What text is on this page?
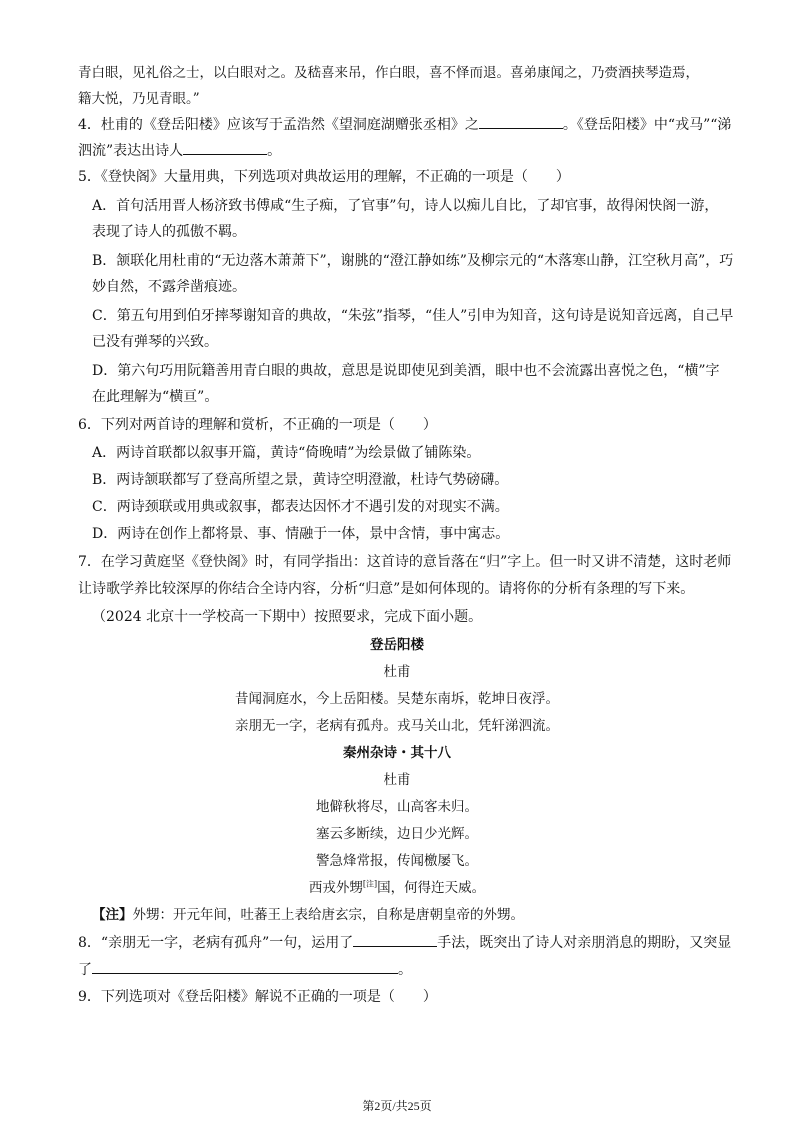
青白眼，见礼俗之士，以白眼对之。及嵇喜来吊，作白眼，喜不怿而退。喜弟康闻之，乃赍酒挟琴造焉，
籍大悦，乃见青眼。”
4．杜甫的《登岳阳楼》应该写于孟浩然《望洞庭湖赠张丞相》之	。《登岳阳楼》中“戎马”“涕
泗流”表达出诗人	。
5．《登快阁》大量用典，下列选项对典故运用的理解，不正确的一项是（　　）
A．首句活用晋人杨济致书傅咸“生子痴，了官事”句，诗人以痴儿自比，了却官事，故得闲快阁一游，
表现了诗人的孤傲不羁。
B．颔联化用杜甫的“无边落木萧萧下”，谢朓的“澄江静如练”及柳宗元的“木落寒山静，江空秋月高”，巧
妙自然，不露斧凿痕迹。
C．第五句用到伯牙摔琴谢知音的典故，“朱弦”指琴，“佳人”引申为知音，这句诗是说知音远离，自己早
已没有弹琴的兴致。
D．第六句巧用阮籍善用青白眼的典故，意思是说即使见到美酒，眼中也不会流露出喜悦之色，“横”字
在此理解为“横亘”。
6．下列对两首诗的理解和赏析，不正确的一项是（　　）
A．两诗首联都以叙事开篇，黄诗“倚晚晴”为绘景做了铺陈染。
B．两诗颔联都写了登高所望之景，黄诗空明澄澈，杜诗气势磅礴。
C．两诗颈联或用典或叙事，都表达因怀才不遇引发的对现实不满。
D．两诗在创作上都将景、事、情融于一体，景中含情，事中寓志。
7．在学习黄庭坚《登快阁》时，有同学指出：这首诗的意旨落在“归”字上。但一时又讲不清楚，这时老师
让诗歌学养比较深厚的你结合全诗内容，分析“归意”是如何体现的。请将你的分析有条理的写下来。
（2024 北京十一学校高一下期中）按照要求，完成下面小题。
登岳阳楼
杜甫
昔闻洞庭水，今上岳阳楼。吴楚东南坼，乾坤日夜浮。
亲朋无一字，老病有孤舟。戎马关山北，凭轩涕泗流。
秦州杂诗・其十八
杜甫
地僻秋将尽，山高客未归。
塞云多断续，边日少光辉。
警急烽常报，传闻檄屡飞。
西戎外甥[注]国，何得迕天威。
【注】外甥：开元年间，吐蕃王上表给唐玄宗，自称是唐朝皇帝的外甥。
8．“亲朋无一字，老病有孤舟”一句，运用了	手法，既突出了诗人对亲朋消息的期盼，又突显
了	。
9．下列选项对《登岳阳楼》解说不正确的一项是（　　）
第2页/共25页
